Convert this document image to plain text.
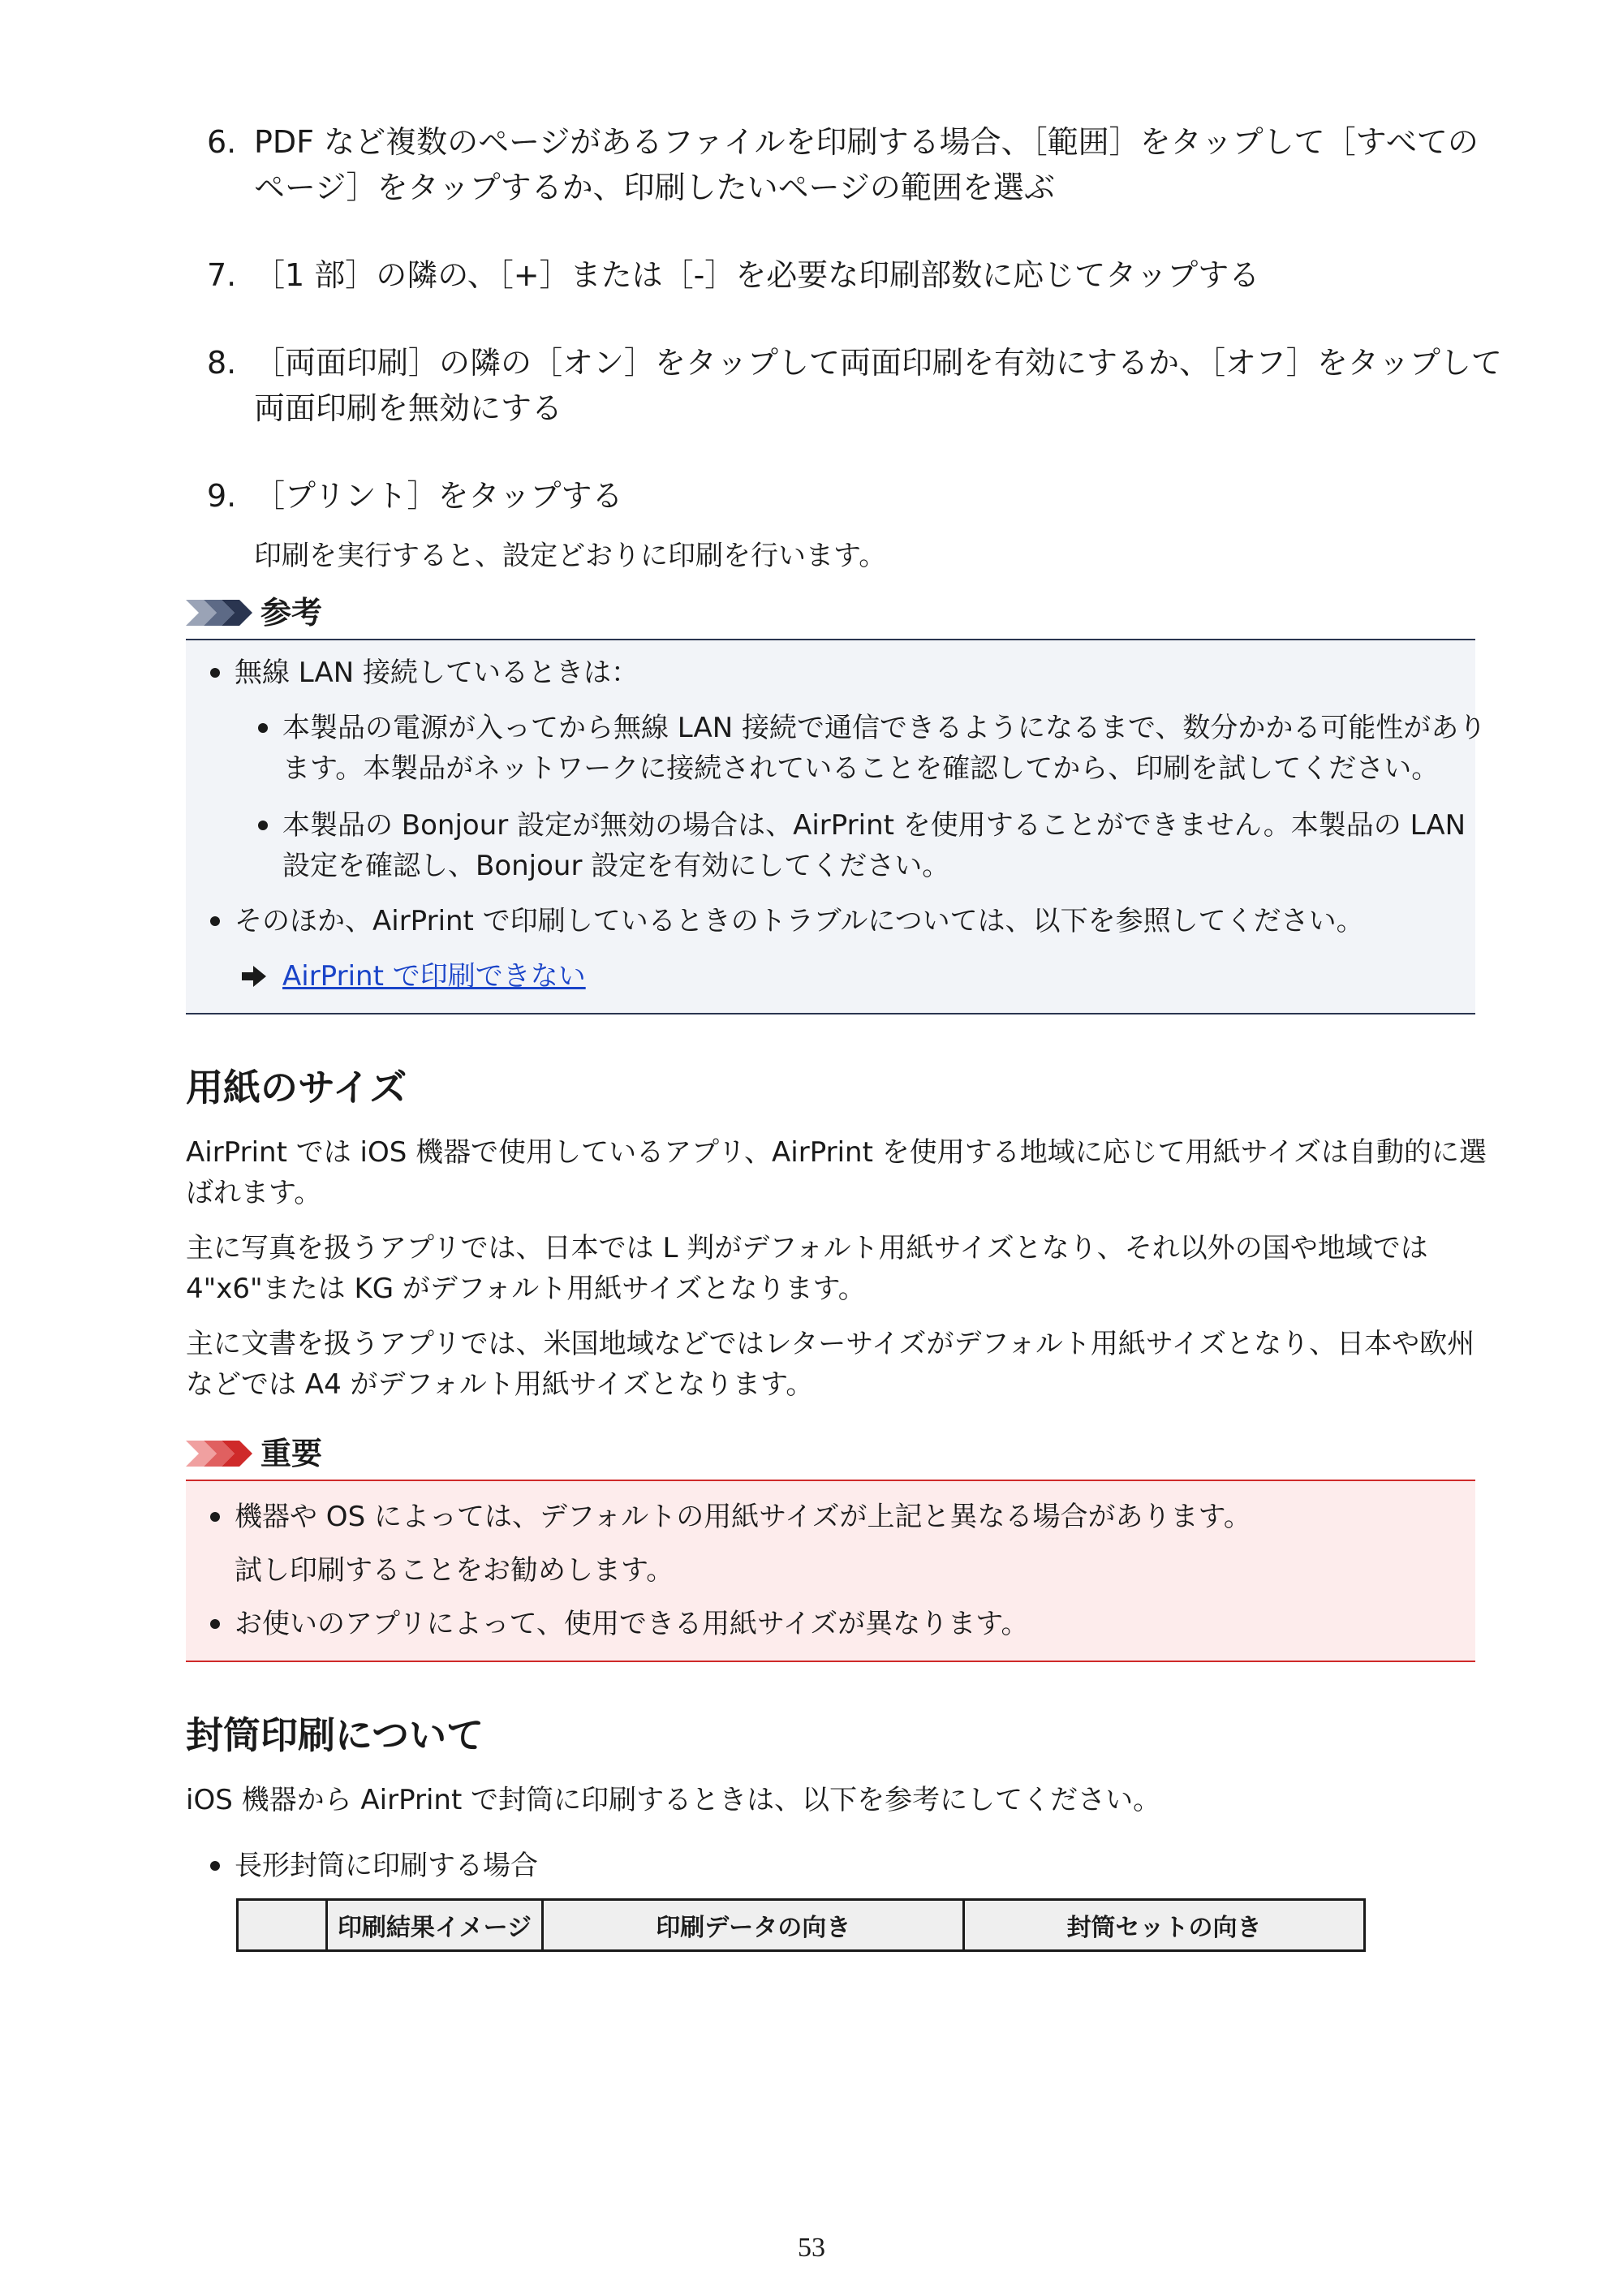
6. PDF など複数のページがあるファイルを印刷する場合、［範囲］をタップして［すべての
ページ］をタップするか、印刷したいページの範囲を選ぶ
7. ［1 部］の隣の、［+］または［-］を必要な印刷部数に応じてタップする
8. ［両面印刷］の隣の［オン］をタップして両面印刷を有効にするか、［オフ］をタップして
両面印刷を無効にする
9. ［プリント］をタップする
印刷を実行すると、設定どおりに印刷を行います。
参考
無線 LAN 接続しているときは：
本製品の電源が入ってから無線 LAN 接続で通信できるようになるまで、数分かかる可能性があり
ます。本製品がネットワークに接続されていることを確認してから、印刷を試してください。
本製品の Bonjour 設定が無効の場合は、AirPrint を使用することができません。本製品の LAN
設定を確認し、Bonjour 設定を有効にしてください。
そのほか、AirPrint で印刷しているときのトラブルについては、以下を参照してください。
AirPrint で印刷できない
用紙のサイズ
AirPrint では iOS 機器で使用しているアプリ、AirPrint を使用する地域に応じて用紙サイズは自動的に選
ばれます。
主に写真を扱うアプリでは、日本では L 判がデフォルト用紙サイズとなり、それ以外の国や地域では
4"x6"または KG がデフォルト用紙サイズとなります。
主に文書を扱うアプリでは、米国地域などではレターサイズがデフォルト用紙サイズとなり、日本や欧州
などでは A4 がデフォルト用紙サイズとなります。
重要
機器や OS によっては、デフォルトの用紙サイズが上記と異なる場合があります。
試し印刷することをお勧めします。
お使いのアプリによって、使用できる用紙サイズが異なります。
封筒印刷について
iOS 機器から AirPrint で封筒に印刷するときは、以下を参考にしてください。
長形封筒に印刷する場合
	印刷結果イメージ	印刷データの向き	封筒セットの向き
53
